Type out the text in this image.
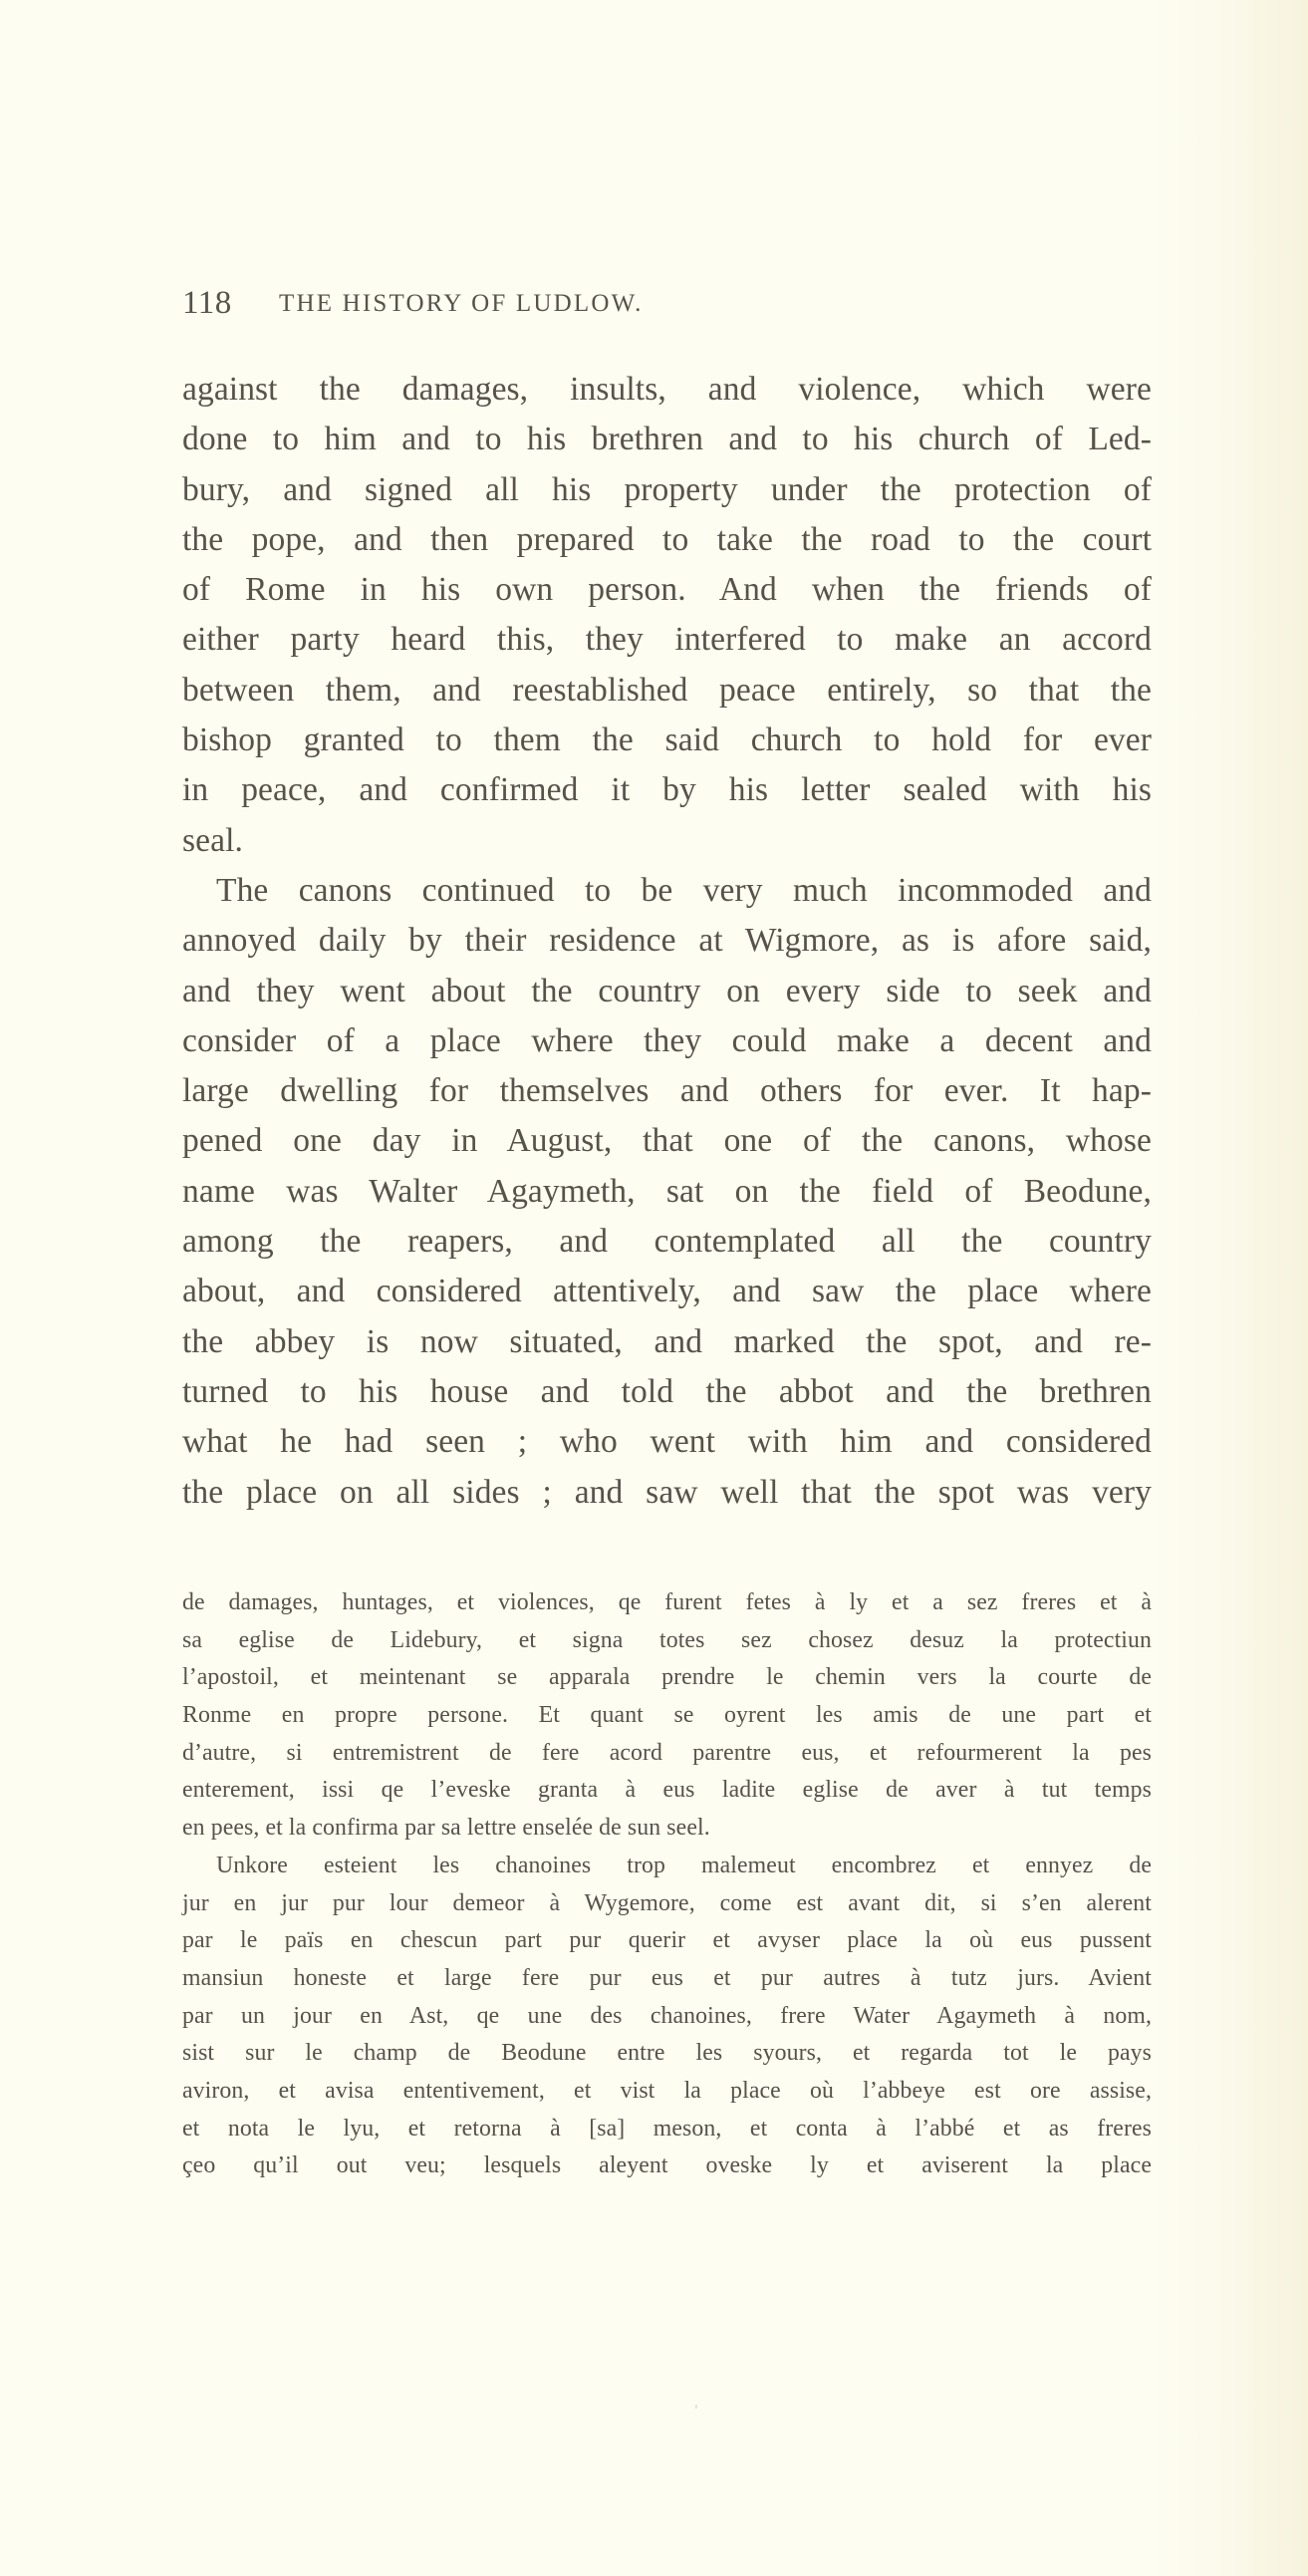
118 THE HISTORY OF LUDLOW.
against the damages, insults, and violence, which were
done to him and to his brethren and to his church of Led-
bury, and signed all his property under the protection of
the pope, and then prepared to take the road to the court
of Rome in his own person. And when the friends of
either party heard this, they interfered to make an accord
between them, and reestablished peace entirely, so that the
bishop granted to them the said church to hold for ever
in peace, and confirmed it by his letter sealed with his
seal.
The canons continued to be very much incommoded and
annoyed daily by their residence at Wigmore, as is afore said,
and they went about the country on every side to seek and
consider of a place where they could make a decent and
large dwelling for themselves and others for ever. It hap-
pened one day in August, that one of the canons, whose
name was Walter Agaymeth, sat on the field of Beodune,
among the reapers, and contemplated all the country
about, and considered attentively, and saw the place where
the abbey is now situated, and marked the spot, and re-
turned to his house and told the abbot and the brethren
what he had seen ; who went with him and considered
the place on all sides ; and saw well that the spot was very
de damages, huntages, et violences, qe furent fetes à ly et a sez freres et à
sa eglise de Lidebury, et signa totes sez chosez desuz la protectiun
l’apostoil, et meintenant se apparala prendre le chemin vers la courte de
Ronme en propre persone. Et quant se oyrent les amis de une part et
d’autre, si entremistrent de fere acord parentre eus, et refourmerent la pes
enterement, issi qe l’eveske granta à eus ladite eglise de aver à tut temps
en pees, et la confirma par sa lettre enselée de sun seel.
Unkore esteient les chanoines trop malemeut encombrez et ennyez de
jur en jur pur lour demeor à Wygemore, come est avant dit, si s’en alerent
par le païs en chescun part pur querir et avyser place la où eus pussent
mansiun honeste et large fere pur eus et pur autres à tutz jurs. Avient
par un jour en Ast, qe une des chanoines, frere Water Agaymeth à nom,
sist sur le champ de Beodune entre les syours, et regarda tot le pays
aviron, et avisa ententivement, et vist la place où l’abbeye est ore assise,
et nota le lyu, et retorna à [sa] meson, et conta à l’abbé et as freres
çeo qu’il out veu; lesquels aleyent oveske ly et aviserent la place
